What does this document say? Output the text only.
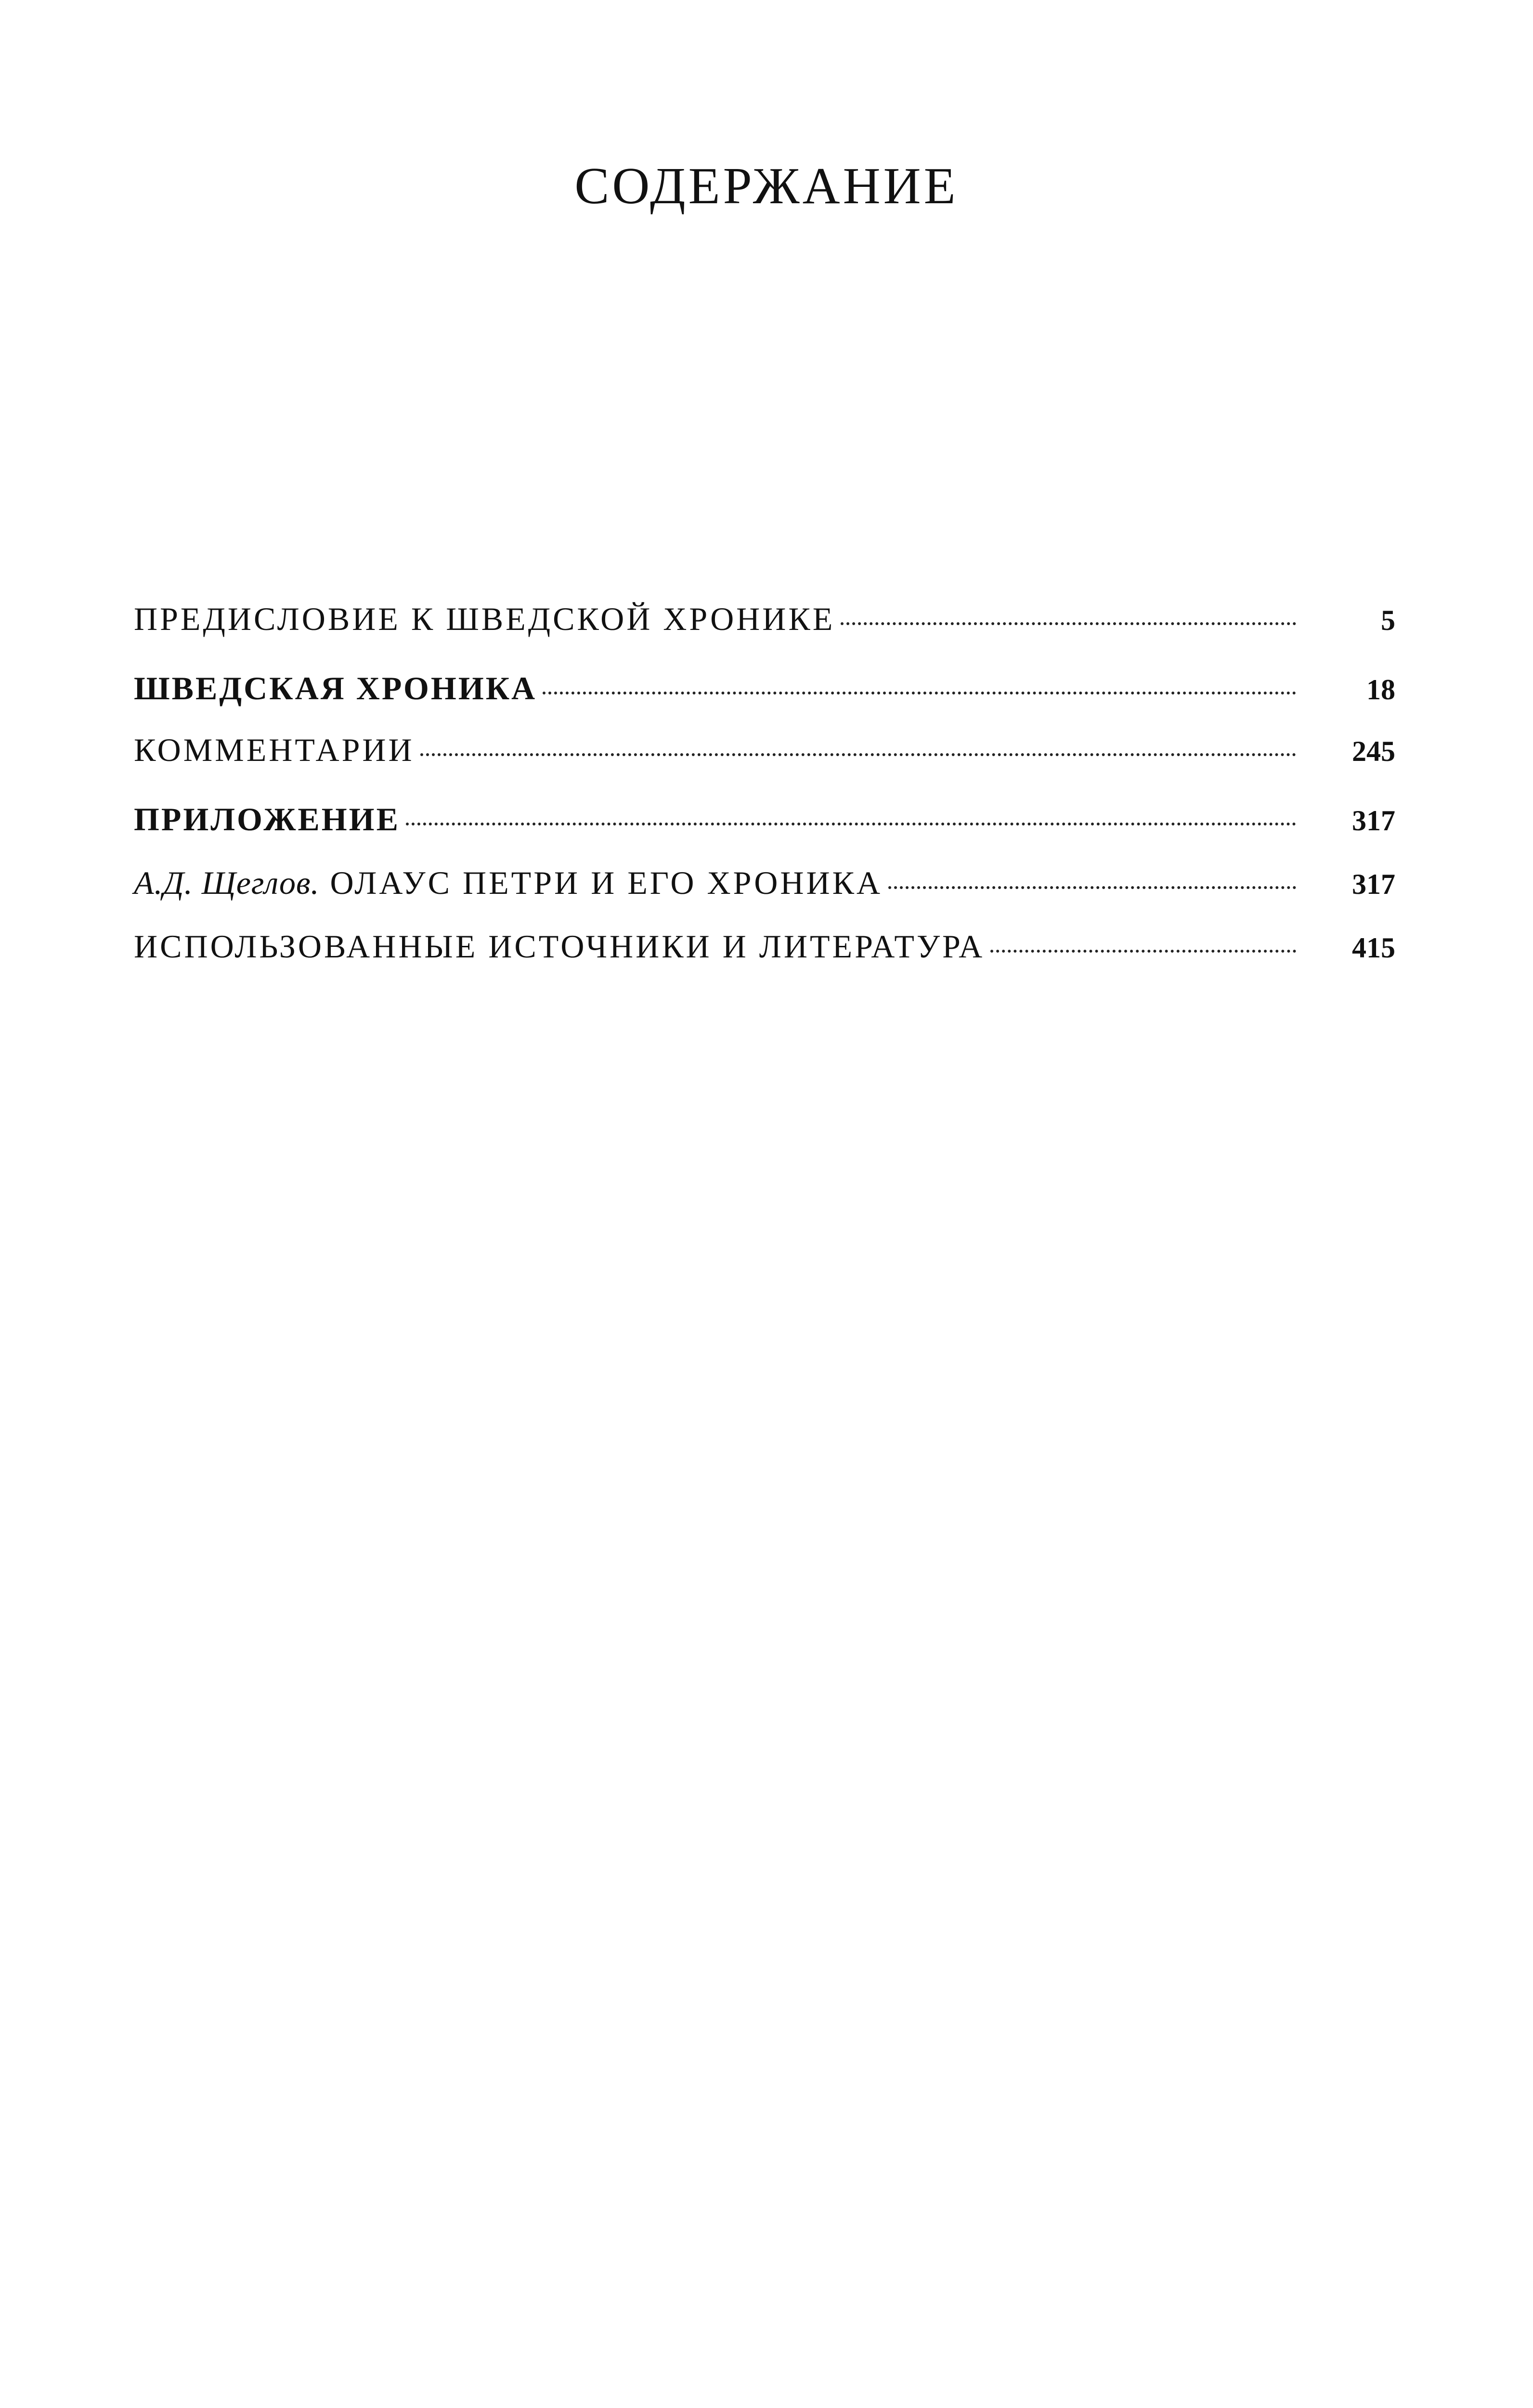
СОДЕРЖАНИЕ
ПРЕДИСЛОВИЕ К ШВЕДСКОЙ ХРОНИКЕ	5
ШВЕДСКАЯ ХРОНИКА	18
КОММЕНТАРИИ	245
ПРИЛОЖЕНИЕ	317
А.Д. Щеглов. ОЛАУС ПЕТРИ И ЕГО ХРОНИКА	317
ИСПОЛЬЗОВАННЫЕ ИСТОЧНИКИ И ЛИТЕРАТУРА	415
